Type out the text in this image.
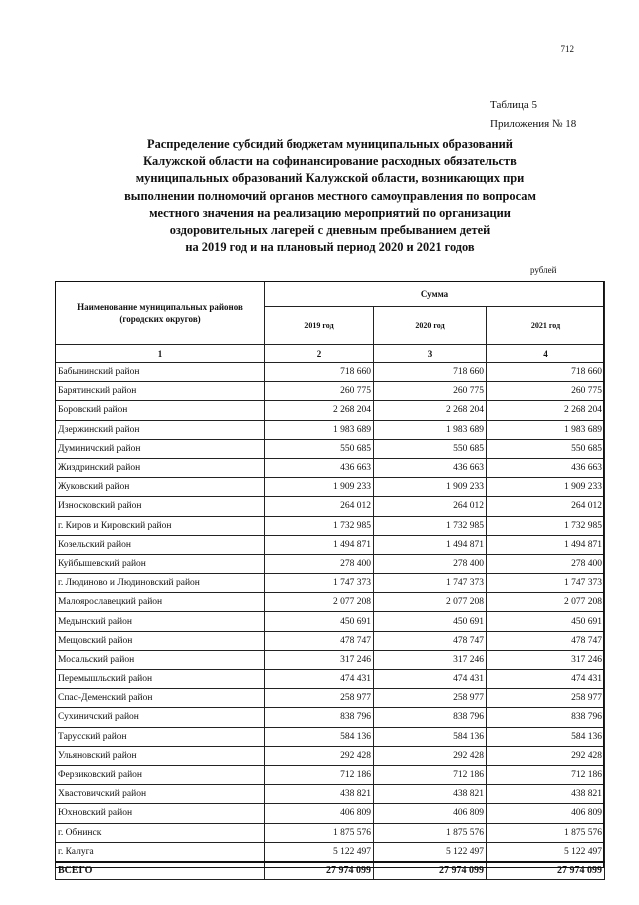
712
Таблица 5
Приложения № 18
Распределение субсидий бюджетам муниципальных образований
Калужской области на софинансирование расходных обязательств
муниципальных образований Калужской области, возникающих при
выполнении полномочий органов местного самоуправления по вопросам
местного значения на реализацию мероприятий по организации
оздоровительных лагерей с дневным пребыванием детей
на 2019 год и на плановый период 2020 и 2021 годов
рублей
Наименование муниципальных районов (городских округов)	Сумма		
	2019 год	2020 год	2021 год
1	2	3	4
Бабынинский район	718 660	718 660	718 660
Барятинский район	260 775	260 775	260 775
Боровский район	2 268 204	2 268 204	2 268 204
Дзержинский район	1 983 689	1 983 689	1 983 689
Думиничский район	550 685	550 685	550 685
Жиздринский район	436 663	436 663	436 663
Жуковский район	1 909 233	1 909 233	1 909 233
Износковский район	264 012	264 012	264 012
г. Киров и Кировский район	1 732 985	1 732 985	1 732 985
Козельский район	1 494 871	1 494 871	1 494 871
Куйбышевский район	278 400	278 400	278 400
г. Людиново и Людиновский район	1 747 373	1 747 373	1 747 373
Малоярославецкий район	2 077 208	2 077 208	2 077 208
Медынский район	450 691	450 691	450 691
Мещовский район	478 747	478 747	478 747
Мосальский район	317 246	317 246	317 246
Перемышльский район	474 431	474 431	474 431
Спас-Деменский район	258 977	258 977	258 977
Сухиничский район	838 796	838 796	838 796
Тарусский район	584 136	584 136	584 136
Ульяновский район	292 428	292 428	292 428
Ферзиковский район	712 186	712 186	712 186
Хвастовичский район	438 821	438 821	438 821
Юхновский район	406 809	406 809	406 809
г. Обнинск	1 875 576	1 875 576	1 875 576
г. Калуга	5 122 497	5 122 497	5 122 497
ВСЕГО	27 974 099	27 974 099	27 974 099
